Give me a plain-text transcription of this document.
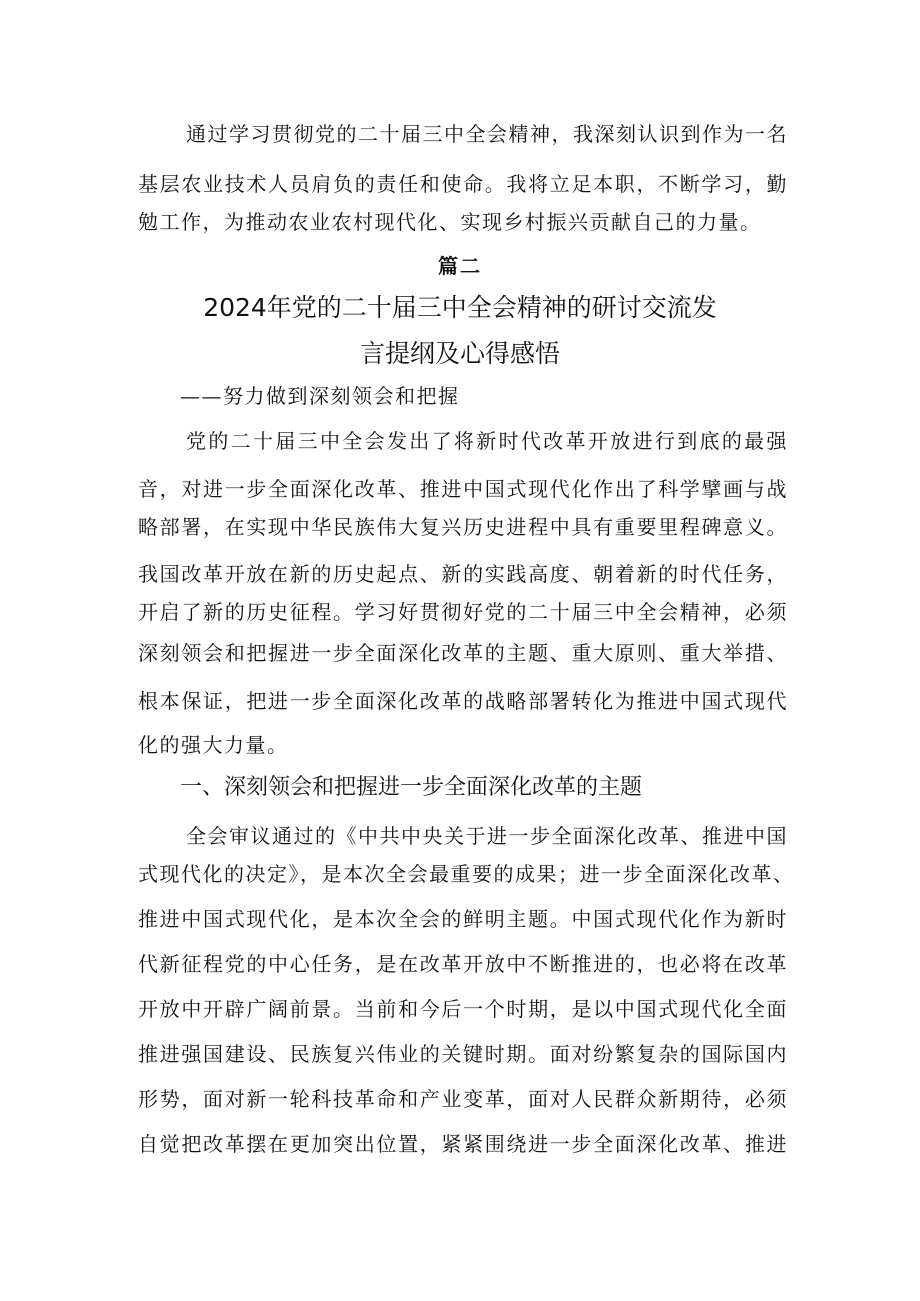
通过学习贯彻党的二十届三中全会精神，我深刻认识到作为一名
基层农业技术人员肩负的责任和使命。我将立足本职，不断学习，勤
勉工作，为推动农业农村现代化、实现乡村振兴贡献自己的力量。
篇二
2024年党的二十届三中全会精神的研讨交流发
言提纲及心得感悟
——努力做到深刻领会和把握
党的二十届三中全会发出了将新时代改革开放进行到底的最强
音，对进一步全面深化改革、推进中国式现代化作出了科学擘画与战
略部署，在实现中华民族伟大复兴历史进程中具有重要里程碑意义。
我国改革开放在新的历史起点、新的实践高度、朝着新的时代任务，
开启了新的历史征程。学习好贯彻好党的二十届三中全会精神，必须
深刻领会和把握进一步全面深化改革的主题、重大原则、重大举措、
根本保证，把进一步全面深化改革的战略部署转化为推进中国式现代
化的强大力量。
一、深刻领会和把握进一步全面深化改革的主题
全会审议通过的《中共中央关于进一步全面深化改革、推进中国
式现代化的决定》，是本次全会最重要的成果；进一步全面深化改革、
推进中国式现代化，是本次全会的鲜明主题。中国式现代化作为新时
代新征程党的中心任务，是在改革开放中不断推进的，也必将在改革
开放中开辟广阔前景。当前和今后一个时期，是以中国式现代化全面
推进强国建设、民族复兴伟业的关键时期。面对纷繁复杂的国际国内
形势，面对新一轮科技革命和产业变革，面对人民群众新期待，必须
自觉把改革摆在更加突出位置，紧紧围绕进一步全面深化改革、推进
